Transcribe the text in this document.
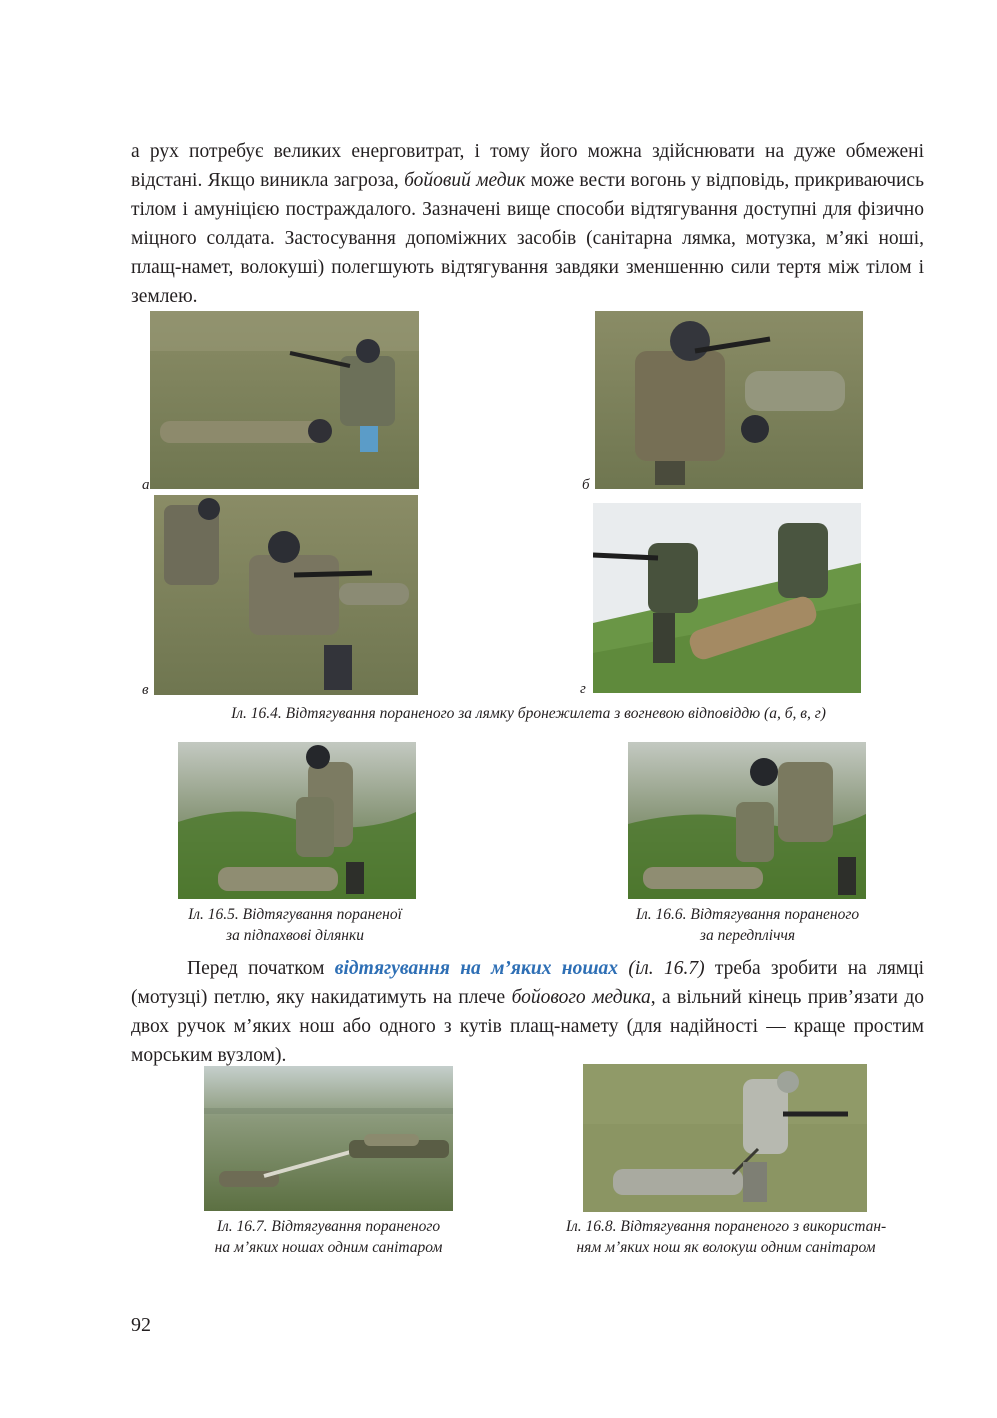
а рух потребує великих енерговитрат, і тому його можна здійснювати на дуже обмежені відстані. Якщо виникла загроза, бойовий медик може вести вогонь у відповідь, прикриваючись тілом і амуніцією постраждалого. Зазначені вище способи відтягування доступні для фізично міцного солдата. Застосування допоміжних засобів (санітарна лямка, мотузка, м’які ноші, плащ-намет, волокуші) полегшують відтягування завдяки зменшенню сили тертя між тілом і землею.

а	б
в	г
Іл. 16.4. Відтягування пораненого за лямку бронежилета з вогневою відповіддю (а, б, в, г)
Іл. 16.5. Відтягування пораненої
за підпахвові ділянки
Іл. 16.6. Відтягування пораненого
за передпліччя

Перед початком відтягування на м’яких ношах (іл. 16.7) треба зробити на лямці (мотузці) петлю, яку накидатимуть на плече бойового медика, а вільний кінець прив’язати до двох ручок м’яких нош або одного з кутів плащ-намету (для надійності — краще простим морським вузлом).

Іл. 16.7. Відтягування пораненого
на м’яких ношах одним санітаром
Іл. 16.8. Відтягування пораненого з використан-
ням м’яких нош як волокуш одним санітаром
92
